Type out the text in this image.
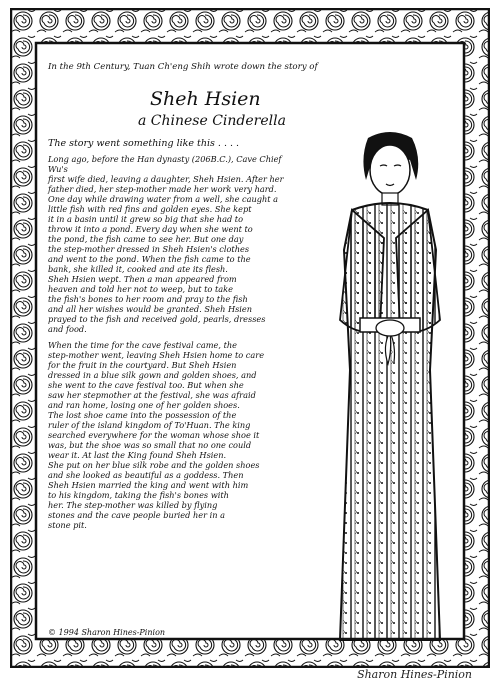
In the 9th Century, Tuan Ch'eng Shih wrote down the story of
Sheh Hsien
a Chinese Cinderella
The story went something like this . . . .

Long ago, before the Han dynasty (206B.C.), Cave Chief Wu's
first wife died, leaving a daughter, Sheh Hsien. After her
father died, her step-mother made her work very hard.
One day while drawing water from a well, she caught a
little fish with red fins and golden eyes. She kept
it in a basin until it grew so big that she had to
throw it into a pond. Every day when she went to
the pond, the fish came to see her. But one day
the step-mother dressed in Sheh Hsien's clothes
and went to the pond. When the fish came to the
bank, she killed it, cooked and ate its flesh.
Sheh Hsien wept. Then a man appeared from
heaven and told her not to weep, but to take
the fish's bones to her room and pray to the fish
and all her wishes would be granted. Sheh Hsien
prayed to the fish and received gold, pearls, dresses
and food.

When the time for the cave festival came, the
step-mother went, leaving Sheh Hsien home to care
for the fruit in the courtyard. But Sheh Hsien
dressed in a blue silk gown and golden shoes, and
she went to the cave festival too. But when she
saw her stepmother at the festival, she was afraid
and ran home, losing one of her golden shoes.
The lost shoe came into the possession of the
ruler of the island kingdom of To'Huan. The king
searched everywhere for the woman whose shoe it
was, but the shoe was so small that no one could
wear it. At last the King found Sheh Hsien.
She put on her blue silk robe and the golden shoes
and she looked as beautiful as a goddess. Then
Sheh Hsien married the king and went with him
to his kingdom, taking the fish's bones with
her. The step-mother was killed by flying
stones and the cave people buried her in a
stone pit.

© 1994 Sharon Hines-Pinion
Sharon Hines-Pinion
